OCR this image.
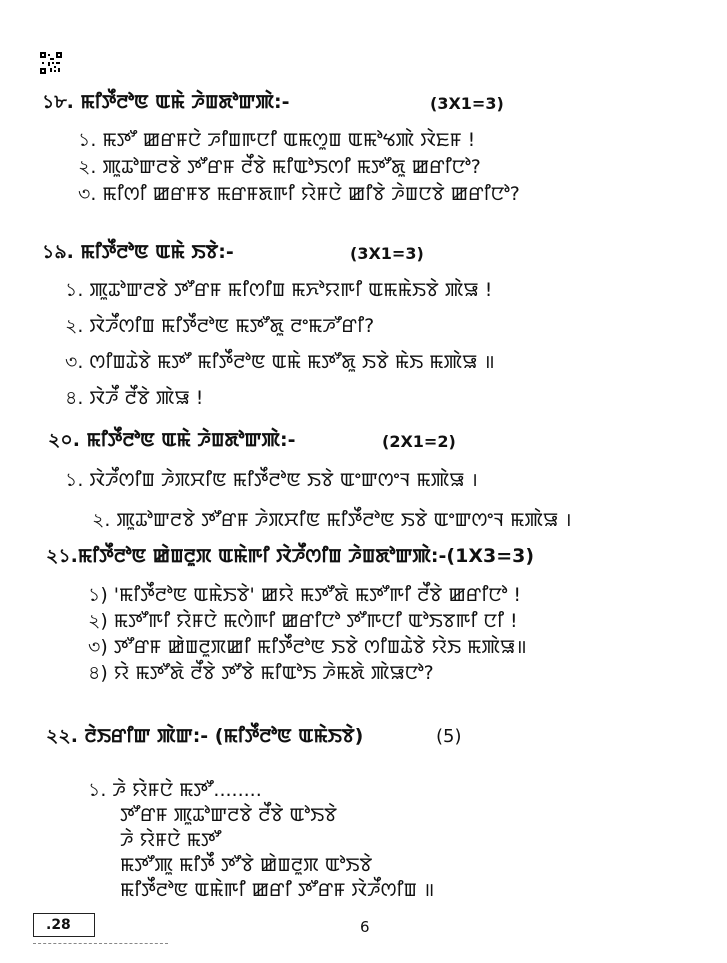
১৮. ꯃꯤꯇꯩꯂꯣꯟ ꯑꯃꯥ ꯍꯥꯡꯗꯣꯛꯄꯥ:-	(3X1=3)
১. ꯃꯇꯧ ꯀꯔꯝꯅꯥ ꯍꯤꯡꯒꯅꯤ ꯑꯃꯁꯨꯡ ꯑꯃꯣꯠꯄꯥ ꯋꯥꯐꯝ !
২. ꯄꯨꯊꯣꯛꯂꯕꯥ ꯇꯧꯔꯝ ꯂꯩꯕꯥ ꯃꯤꯑꯣꯏꯁꯤ ꯃꯇꯧꯗꯨ ꯀꯔꯤꯅꯣ?
৩. ꯃꯤꯁꯤ ꯀꯔꯝꯕ ꯃꯔꯝꯗꯒꯤ ꯌꯥꯝꯅꯥ ꯀꯤꯕꯥ ꯍꯥꯡꯅꯕꯥ ꯀꯔꯤꯅꯣ?
১৯. ꯃꯤꯇꯩꯂꯣꯟ ꯑꯃꯥ ꯏꯕꯥ:-	(3X1=3)
১. ꯄꯨꯊꯣꯛꯂꯕꯥ ꯇꯧꯔꯝ ꯃꯤꯁꯤꯡ ꯃꯈꯣꯌꯒꯤ ꯑꯃꯃꯥꯏꯕꯥ ꯄꯥꯎ !
২. ꯋꯥꯍꯩꯁꯤꯡ ꯃꯤꯇꯩꯂꯣꯟ ꯃꯇꯧꯗꯨ ꯂꯦꯃꯍꯧꯔꯤ?
৩. ꯁꯤꯡꯊꯥꯕꯥ ꯃꯇꯧ ꯃꯤꯇꯩꯂꯣꯟ ꯑꯃꯥ ꯃꯇꯧꯗꯨ ꯏꯕꯥ ꯃꯥꯏ ꯃꯄꯥꯎ ॥
৪. ꯋꯥꯍꯩ ꯂꯩꯕꯥ ꯄꯥꯎ !
২০. ꯃꯤꯇꯩꯂꯣꯟ ꯑꯃꯥ ꯍꯥꯡꯗꯣꯛꯄꯥ:-	(2X1=2)
১. ꯋꯥꯍꯩꯁꯤꯡ ꯍꯥꯞꯆꯤꯟ ꯃꯤꯇꯩꯂꯣꯟ ꯏꯕꯥ ꯑꯦꯛꯁꯦꯜ ꯃꯄꯥꯎ ।
২. ꯄꯨꯊꯣꯛꯂꯕꯥ ꯇꯧꯔꯝ ꯍꯥꯞꯆꯤꯟ ꯃꯤꯇꯩꯂꯣꯟ ꯏꯕꯥ ꯑꯦꯛꯁꯦꯜ ꯃꯄꯥꯎ ।
২১.ꯃꯤꯇꯩꯂꯣꯟ ꯀꯥꯡꯂꯨꯞ ꯑꯃꯥꯒꯤ ꯋꯥꯍꯩꯁꯤꯡ ꯍꯥꯡꯗꯣꯛꯄꯥ:-(1X3=3)
১) 'ꯃꯤꯇꯩꯂꯣꯟ ꯑꯃꯥꯏꯕꯥ' ꯀꯌꯥ ꯃꯇꯧꯗꯥ ꯃꯇꯧꯒꯤ ꯂꯩꯕꯥ ꯀꯔꯤꯅꯣ !
২) ꯃꯇꯧꯒꯤ ꯌꯥꯝꯅꯥ ꯃꯁꯥꯒꯤ ꯀꯔꯤꯅꯣ ꯇꯧꯒꯅꯤ ꯑꯣꯏꯕꯒꯤ ꯅꯤ !
৩) ꯇꯧꯔꯝ ꯀꯥꯡꯂꯨꯞꯀꯤ ꯃꯤꯇꯩꯂꯣꯟ ꯏꯕꯥ ꯁꯤꯡꯊꯥꯕꯥ ꯌꯥꯏ ꯃꯄꯥꯎ॥
৪) ꯌꯥ ꯃꯇꯧꯗꯥ ꯂꯩꯕꯥ ꯇꯧꯕꯥ ꯃꯤꯑꯣꯏ ꯍꯥꯃꯗꯥ ꯄꯥꯎꯅꯣ?
২২. ꯂꯥꯏꯔꯤꯛ ꯄꯥꯛ:- (ꯃꯤꯇꯩꯂꯣꯟ ꯑꯃꯥꯏꯕꯥ)	(5)
১. ꯍꯥ ꯌꯥꯝꯅꯥ ꯃꯇꯧ........
ꯇꯧꯔꯝ ꯄꯨꯊꯣꯛꯂꯕꯥ ꯂꯩꯕꯥ ꯑꯣꯏꯕꯥ
ꯍꯥ ꯌꯥꯝꯅꯥ ꯃꯇꯧ
ꯃꯇꯧꯄꯨ ꯃꯤꯇꯩ ꯇꯧꯕꯥ ꯀꯥꯡꯂꯨꯞ ꯑꯣꯏꯕꯥ
ꯃꯤꯇꯩꯂꯣꯟ ꯑꯃꯥꯒꯤ ꯀꯔꯤ ꯇꯧꯔꯝ ꯋꯥꯍꯩꯁꯤꯡ ॥
.28	6
